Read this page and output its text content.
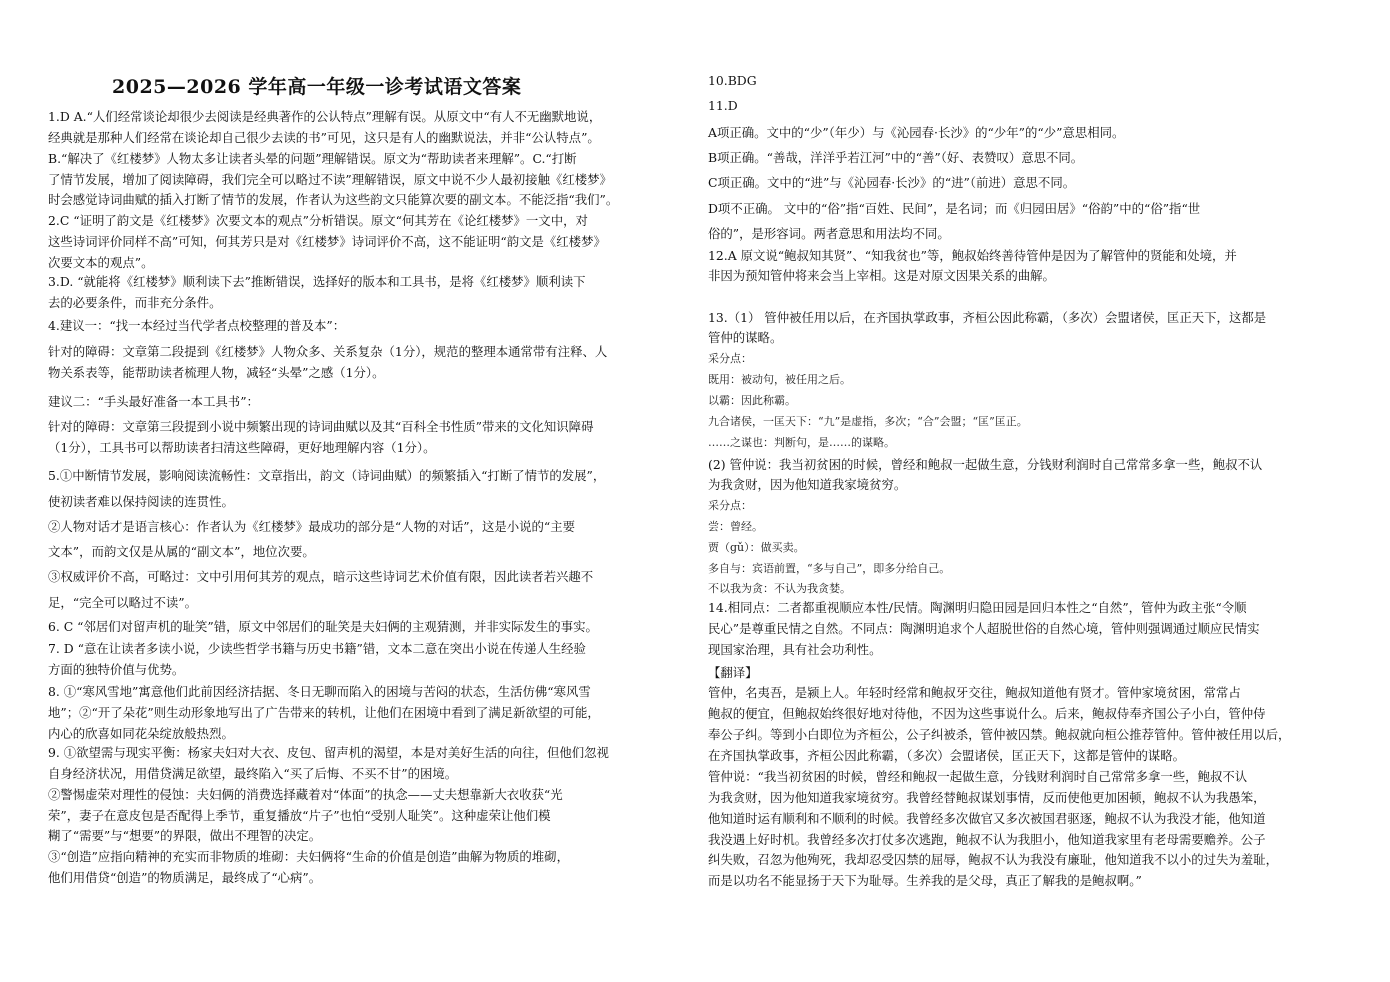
2025—2026 学年高一年级一诊考试语文答案
1.D A.“人们经常谈论却很少去阅读是经典著作的公认特点”理解有误。从原文中“有人不无幽默地说，
经典就是那种人们经常在谈论却自己很少去读的书”可见，这只是有人的幽默说法，并非“公认特点”。
B.“解决了《红楼梦》人物太多让读者头晕的问题”理解错误。原文为“帮助读者来理解”。C.“打断
了情节发展，增加了阅读障碍，我们完全可以略过不读”理解错误，原文中说不少人最初接触《红楼梦》
时会感觉诗词曲赋的插入打断了情节的发展，作者认为这些韵文只能算次要的副文本。不能泛指“我们”。
2.C “证明了韵文是《红楼梦》次要文本的观点”分析错误。原文“何其芳在《论红楼梦》一文中，对
这些诗词评价同样不高”可知，何其芳只是对《红楼梦》诗词评价不高，这不能证明“韵文是《红楼梦》
次要文本的观点”。
3.D. “就能将《红楼梦》顺利读下去”推断错误，选择好的版本和工具书，是将《红楼梦》顺利读下
去的必要条件，而非充分条件。
4.建议一：“找一本经过当代学者点校整理的普及本”：
针对的障碍：文章第二段提到《红楼梦》人物众多、关系复杂（1分），规范的整理本通常带有注释、人
物关系表等，能帮助读者梳理人物，减轻“头晕”之感（1分）。
建议二：“手头最好准备一本工具书”：
针对的障碍：文章第三段提到小说中频繁出现的诗词曲赋以及其“百科全书性质”带来的文化知识障碍
（1分），工具书可以帮助读者扫清这些障碍，更好地理解内容（1分）。
5.①中断情节发展，影响阅读流畅性：文章指出，韵文（诗词曲赋）的频繁插入“打断了情节的发展”，
使初读者难以保持阅读的连贯性。
②人物对话才是语言核心：作者认为《红楼梦》最成功的部分是“人物的对话”，这是小说的“主要
文本”，而韵文仅是从属的“副文本”，地位次要。
③权威评价不高，可略过：文中引用何其芳的观点，暗示这些诗词艺术价值有限，因此读者若兴趣不
足，“完全可以略过不读”。
6. C “邻居们对留声机的耻笑”错，原文中邻居们的耻笑是夫妇俩的主观猜测，并非实际发生的事实。
7. D “意在让读者多读小说，少读些哲学书籍与历史书籍”错，文本二意在突出小说在传递人生经验
方面的独特价值与优势。
8. ①“寒风雪地”寓意他们此前因经济拮据、冬日无聊而陷入的困境与苦闷的状态，生活仿佛“寒风雪
地”；②“开了朵花”则生动形象地写出了广告带来的转机，让他们在困境中看到了满足新欲望的可能，
内心的欣喜如同花朵绽放般热烈。
9. ①欲望需与现实平衡：杨家夫妇对大衣、皮包、留声机的渴望，本是对美好生活的向往，但他们忽视
自身经济状况，用借贷满足欲望，最终陷入“买了后悔、不买不甘”的困境。
②警惕虚荣对理性的侵蚀：夫妇俩的消费选择藏着对“体面”的执念——丈夫想靠新大衣收获“光
荣”，妻子在意皮包是否配得上季节，重复播放“片子”也怕“受别人耻笑”。这种虚荣让他们模
糊了“需要”与“想要”的界限，做出不理智的决定。
③“创造”应指向精神的充实而非物质的堆砌：夫妇俩将“生命的价值是创造”曲解为物质的堆砌，
他们用借贷“创造”的物质满足，最终成了“心病”。
10.BDG
11.D
A项正确。文中的“少”（年少）与《沁园春·长沙》的“少年”的“少”意思相同。
B项正确。“善哉，洋洋乎若江河”中的“善”（好、表赞叹）意思不同。
C项正确。文中的“进”与《沁园春·长沙》的“进”（前进）意思不同。
D项不正确。 文中的“俗”指“百姓、民间”，是名词；而《归园田居》“俗韵”中的“俗”指“世
俗的”，是形容词。两者意思和用法均不同。
12.A 原文说“鲍叔知其贤”、“知我贫也”等，鲍叔始终善待管仲是因为了解管仲的贤能和处境，并
非因为预知管仲将来会当上宰相。这是对原文因果关系的曲解。
13.（1） 管仲被任用以后，在齐国执掌政事，齐桓公因此称霸，（多次）会盟诸侯，匡正天下，这都是
管仲的谋略。
采分点：
既用：被动句，被任用之后。
以霸：因此称霸。
九合诸侯，一匡天下：“九”是虚指，多次；“合”会盟；“匡”匡正。
……之谋也：判断句，是……的谋略。
(2) 管仲说：我当初贫困的时候，曾经和鲍叔一起做生意，分钱财利润时自己常常多拿一些，鲍叔不认
为我贪财，因为他知道我家境贫穷。
采分点：
尝：曾经。
贾（gǔ）：做买卖。
多自与：宾语前置，“多与自己”，即多分给自己。
不以我为贪：不认为我贪婪。
14.相同点：二者都重视顺应本性/民情。陶渊明归隐田园是回归本性之“自然”，管仲为政主张“令顺
民心”是尊重民情之自然。不同点：陶渊明追求个人超脱世俗的自然心境，管仲则强调通过顺应民情实
现国家治理，具有社会功利性。
【翻译】
管仲，名夷吾，是颍上人。年轻时经常和鲍叔牙交往，鲍叔知道他有贤才。管仲家境贫困，常常占
鲍叔的便宜，但鲍叔始终很好地对待他，不因为这些事说什么。后来，鲍叔侍奉齐国公子小白，管仲侍
奉公子纠。等到小白即位为齐桓公，公子纠被杀，管仲被囚禁。鲍叔就向桓公推荐管仲。管仲被任用以后，
在齐国执掌政事，齐桓公因此称霸，（多次）会盟诸侯，匡正天下，这都是管仲的谋略。
管仲说：“我当初贫困的时候，曾经和鲍叔一起做生意，分钱财利润时自己常常多拿一些，鲍叔不认
为我贪财，因为他知道我家境贫穷。我曾经替鲍叔谋划事情，反而使他更加困顿，鲍叔不认为我愚笨，
他知道时运有顺利和不顺利的时候。我曾经多次做官又多次被国君驱逐，鲍叔不认为我没才能，他知道
我没遇上好时机。我曾经多次打仗多次逃跑，鲍叔不认为我胆小，他知道我家里有老母需要赡养。公子
纠失败，召忽为他殉死，我却忍受囚禁的屈辱，鲍叔不认为我没有廉耻，他知道我不以小的过失为羞耻，
而是以功名不能显扬于天下为耻辱。生养我的是父母，真正了解我的是鲍叔啊。”
